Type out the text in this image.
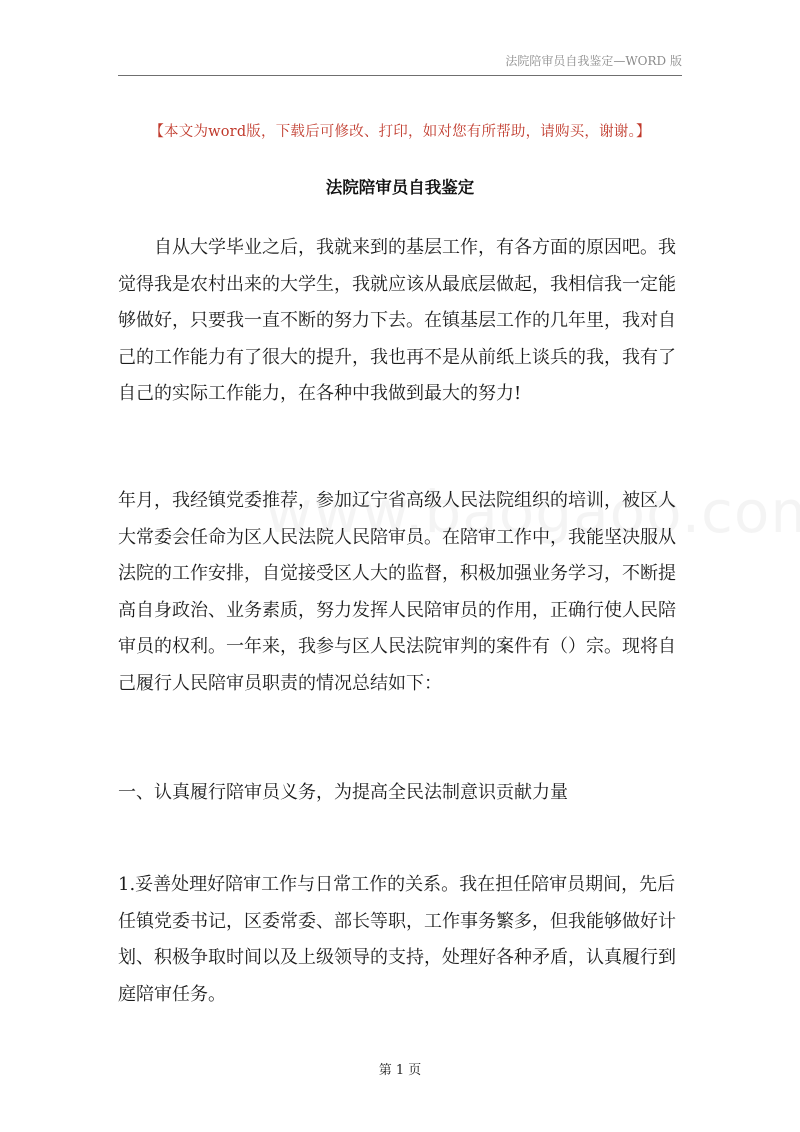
法院陪审员自我鉴定—WORD 版
【本文为word版，下载后可修改、打印，如对您有所帮助，请购买，谢谢。】
法院陪审员自我鉴定
自从大学毕业之后，我就来到的基层工作，有各方面的原因吧。我觉得我是农村出来的大学生，我就应该从最底层做起，我相信我一定能够做好，只要我一直不断的努力下去。在镇基层工作的几年里，我对自己的工作能力有了很大的提升，我也再不是从前纸上谈兵的我，我有了自己的实际工作能力，在各种中我做到最大的努力!
年月，我经镇党委推荐，参加辽宁省高级人民法院组织的培训，被区人大常委会任命为区人民法院人民陪审员。在陪审工作中，我能坚决服从法院的工作安排，自觉接受区人大的监督，积极加强业务学习，不断提高自身政治、业务素质，努力发挥人民陪审员的作用，正确行使人民陪审员的权利。一年来，我参与区人民法院审判的案件有（）宗。现将自己履行人民陪审员职责的情况总结如下：
一、认真履行陪审员义务，为提高全民法制意识贡献力量
1.妥善处理好陪审工作与日常工作的关系。我在担任陪审员期间，先后任镇党委书记，区委常委、部长等职，工作事务繁多，但我能够做好计划、积极争取时间以及上级领导的支持，处理好各种矛盾，认真履行到庭陪审任务。
第 1 页
